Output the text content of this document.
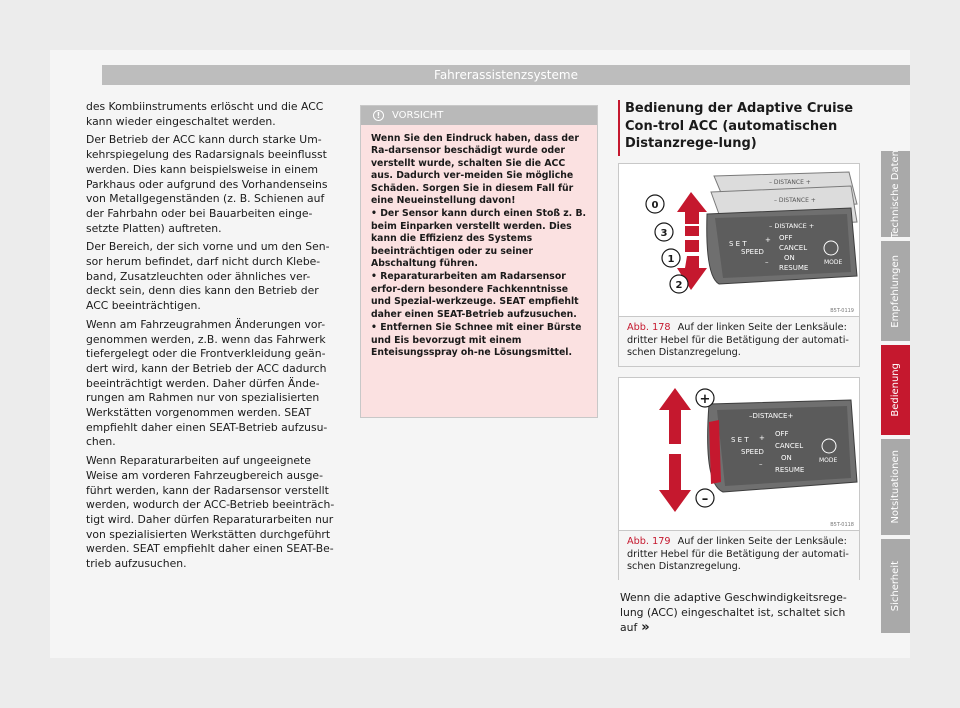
Fahrerassistenzsysteme

des Kombiinstruments erlöscht und die ACC kann wieder eingeschaltet werden.

Der Betrieb der ACC kann durch starke Um-kehrspiegelung des Radarsignals beeinflusst werden. Dies kann beispielsweise in einem Parkhaus oder aufgrund des Vorhandenseins von Metallgegenständen (z. B. Schienen auf der Fahrbahn oder bei Bauarbeiten einge-setzte Platten) auftreten.

Der Bereich, der sich vorne und um den Sen-sor herum befindet, darf nicht durch Klebe-band, Zusatzleuchten oder ähnliches ver-deckt sein, denn dies kann den Betrieb der ACC beeinträchtigen.

Wenn am Fahrzeugrahmen Änderungen vor-genommen werden, z.B. wenn das Fahrwerk tiefergelegt oder die Frontverkleidung geän-dert wird, kann der Betrieb der ACC dadurch beeinträchtigt werden. Daher dürfen Ände-rungen am Rahmen nur von spezialisierten Werkstätten vorgenommen werden. SEAT empfiehlt daher einen SEAT-Betrieb aufzusu-chen.

Wenn Reparaturarbeiten auf ungeeignete Weise am vorderen Fahrzeugbereich ausge-führt werden, kann der Radarsensor verstellt werden, wodurch der ACC-Betrieb beeinträch-tigt wird. Daher dürfen Reparaturarbeiten nur von spezialisierten Werkstätten durchgeführt werden. SEAT empfiehlt daher einen SEAT-Be-trieb aufzusuchen.

!	VORSICHT

Wenn Sie den Eindruck haben, dass der Ra-darsensor beschädigt wurde oder verstellt wurde, schalten Sie die ACC aus. Dadurch ver-meiden Sie mögliche Schäden. Sorgen Sie in diesem Fall für eine Neueinstellung davon!

• Der Sensor kann durch einen Stoß z. B. beim Einparken verstellt werden. Dies kann die Effizienz des Systems beeinträchtigen oder zu seiner Abschaltung führen.

• Reparaturarbeiten am Radarsensor erfor-dern besondere Fachkenntnisse und Spezial-werkzeuge. SEAT empfiehlt daher einen SEAT-Betrieb aufzusuchen.

• Entfernen Sie Schnee mit einer Bürste und Eis bevorzugt mit einem Enteisungsspray oh-ne Lösungsmittel.

Bedienung der Adaptive Cruise Con-trol ACC (automatischen Distanzrege-lung)
– DISTANCE +
– DISTANCE +
– DISTANCE +
S E T
SPEED
+
–
OFF
CANCEL
ON
RESUME
MODE
0
3
1
2
B5T-0119
Abb. 178 Auf der linken Seite der Lenksäule: dritter Hebel für die Betätigung der automati-schen Distanzregelung.
–DISTANCE+
S E T
SPEED
+
–
OFF
CANCEL
ON
RESUME
MODE
+
–
B5T-0118
Abb. 179 Auf der linken Seite der Lenksäule: dritter Hebel für die Betätigung der automati-schen Distanzregelung.
Wenn die adaptive Geschwindigkeitsrege-lung (ACC) eingeschaltet ist, schaltet sich auf »
Technische Daten
Empfehlungen
Bedienung
Notsituationen
Sicherheit
